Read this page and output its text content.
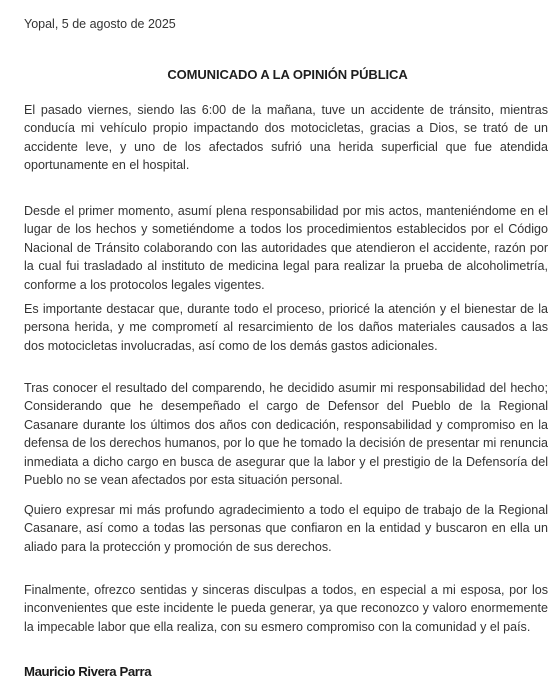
Yopal, 5 de agosto de 2025
COMUNICADO A LA OPINIÓN PÚBLICA

El pasado viernes, siendo las 6:00 de la mañana, tuve un accidente de tránsito, mientras conducía mi vehículo propio impactando dos motocicletas, gracias a Dios, se trató de un accidente leve, y uno de los afectados sufrió una herida superficial que fue atendida oportunamente en el hospital.

Desde el primer momento, asumí plena responsabilidad por mis actos, manteniéndome en el lugar de los hechos y sometiéndome a todos los procedimientos establecidos por el Código Nacional de Tránsito colaborando con las autoridades que atendieron el accidente, razón por la cual fui trasladado al instituto de medicina legal para realizar la prueba de alcoholimetría, conforme a los protocolos legales vigentes.

Es importante destacar que, durante todo el proceso, prioricé la atención y el bienestar de la persona herida, y me comprometí al resarcimiento de los daños materiales causados a las dos motocicletas involucradas, así como de los demás gastos adicionales.

Tras conocer el resultado del comparendo, he decidido asumir mi responsabilidad del hecho; Considerando que he desempeñado el cargo de Defensor del Pueblo de la Regional Casanare durante los últimos dos años con dedicación, responsabilidad y compromiso en la defensa de los derechos humanos, por lo que he tomado la decisión de presentar mi renuncia inmediata a dicho cargo en busca de asegurar que la labor y el prestigio de la Defensoría del Pueblo no se vean afectados por esta situación personal.

Quiero expresar mi más profundo agradecimiento a todo el equipo de trabajo de la Regional Casanare, así como a todas las personas que confiaron en la entidad y buscaron en ella un aliado para la protección y promoción de sus derechos.

Finalmente, ofrezco sentidas y sinceras disculpas a todos, en especial a mi esposa, por los inconvenientes que este incidente le pueda generar, ya que reconozco y valoro enormemente la impecable labor que ella realiza, con su esmero compromiso con la comunidad y el país.

Mauricio Rivera Parra
